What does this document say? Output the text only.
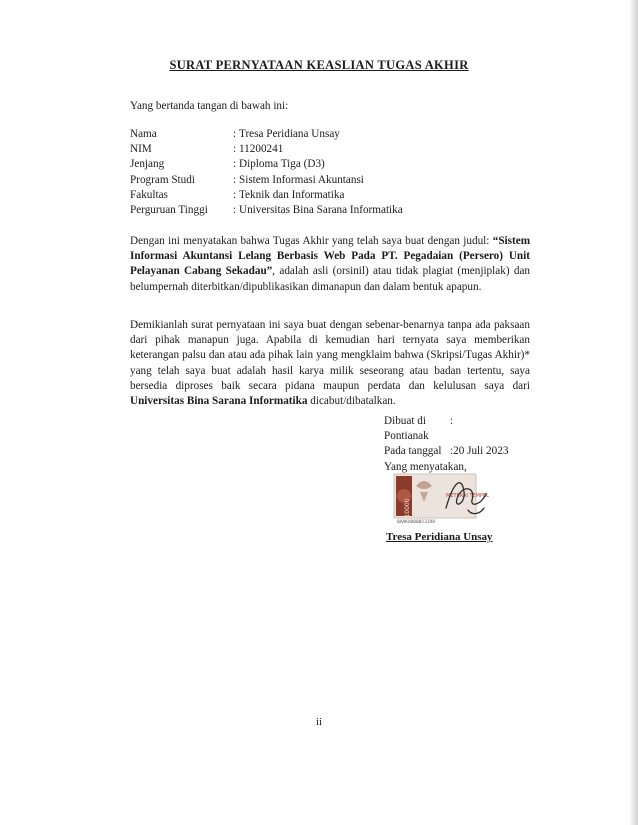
SURAT PERNYATAAN KEASLIAN TUGAS AKHIR
Yang bertanda tangan di bawah ini:
Nama	: Tresa Peridiana Unsay
NIM	: 11200241
Jenjang	: Diploma Tiga (D3)
Program Studi	: Sistem Informasi Akuntansi
Fakultas	: Teknik dan Informatika
Perguruan Tinggi	: Universitas Bina Sarana Informatika
Dengan ini menyatakan bahwa Tugas Akhir yang telah saya buat dengan judul: “Sistem Informasi Akuntansi Lelang Berbasis Web Pada PT. Pegadaian (Persero) Unit Pelayanan Cabang Sekadau”, adalah asli (orsinil) atau tidak plagiat (menjiplak) dan belumpernah diterbitkan/dipublikasikan dimanapun dan dalam bentuk apapun.
Demikianlah surat pernyataan ini saya buat dengan sebenar-benarnya tanpa ada paksaan dari pihak manapun juga. Apabila di kemudian hari ternyata saya memberikan keterangan palsu dan atau ada pihak lain yang mengklaim bahwa (Skripsi/Tugas Akhir)* yang telah saya buat adalah hasil karya milik seseorang atau badan tertentu, saya bersedia diproses baik secara pidana maupun perdata dan kelulusan saya dari Universitas Bina Sarana Informatika dicabut/dibatalkan.
Dibuat di	:
Pontianak
Pada tanggal :20 Juli 2023
Yang menyatakan,
10000
METERAI TEMPEL
0AAKX000053198
Tresa Peridiana Unsay
ii
